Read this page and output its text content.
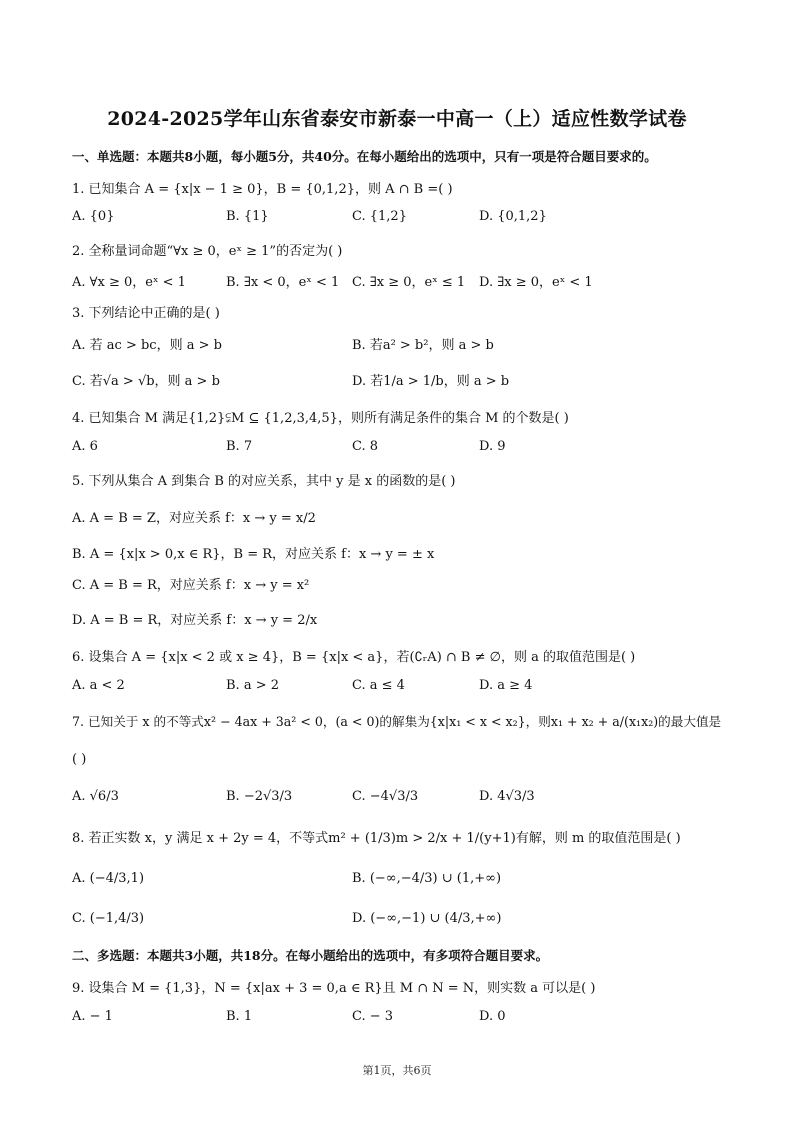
2024-2025学年山东省泰安市新泰一中高一（上）适应性数学试卷
一、单选题：本题共8小题，每小题5分，共40分。在每小题给出的选项中，只有一项是符合题目要求的。
1. 已知集合 A = {x|x − 1 ≥ 0}，B = {0,1,2}，则 A ∩ B =( )
A. {0}	B. {1}	C. {1,2}	D. {0,1,2}
2. 全称量词命题“∀x ≥ 0，eˣ ≥ 1”的否定为( )
A. ∀x ≥ 0，eˣ < 1	B. ∃x < 0，eˣ < 1 C. ∃x ≥ 0，eˣ ≤ 1 D. ∃x ≥ 0，eˣ < 1
3. 下列结论中正确的是( )
A. 若 ac > bc，则 a > b	B. 若a² > b²，则 a > b
C. 若√a > √b，则 a > b	D. 若1/a > 1/b，则 a > b
4. 已知集合 M 满足{1,2}⫋M ⊆ {1,2,3,4,5}，则所有满足条件的集合 M 的个数是( )
A. 6	B. 7	C. 8	D. 9
5. 下列从集合 A 到集合 B 的对应关系，其中 y 是 x 的函数的是( )
A. A = B = Z，对应关系 f：x → y = x/2
B. A = {x|x > 0,x ∈ R}，B = R，对应关系 f：x → y = ± x
C. A = B = R，对应关系 f：x → y = x²
D. A = B = R，对应关系 f：x → y = 2/x
6. 设集合 A = {x|x < 2 或 x ≥ 4}，B = {x|x < a}，若(∁ᵣA) ∩ B ≠ ∅，则 a 的取值范围是( )
A. a < 2	B. a > 2	C. a ≤ 4	D. a ≥ 4
7. 已知关于 x 的不等式x² − 4ax + 3a² < 0，(a < 0)的解集为{x|x₁ < x < x₂}，则x₁ + x₂ + a/(x₁x₂)的最大值是
( )
A. √6/3	B. −2√3/3	C. −4√3/3	D. 4√3/3
8. 若正实数 x，y 满足 x + 2y = 4，不等式m² + (1/3)m > 2/x + 1/(y+1)有解，则 m 的取值范围是( )
A. (−4/3,1)	B. (−∞,−4/3) ∪ (1,+∞)
C. (−1,4/3)	D. (−∞,−1) ∪ (4/3,+∞)
二、多选题：本题共3小题，共18分。在每小题给出的选项中，有多项符合题目要求。
9. 设集合 M = {1,3}，N = {x|ax + 3 = 0,a ∈ R}且 M ∩ N = N，则实数 a 可以是( )
A. − 1	B. 1	C. − 3	D. 0
第1页，共6页
